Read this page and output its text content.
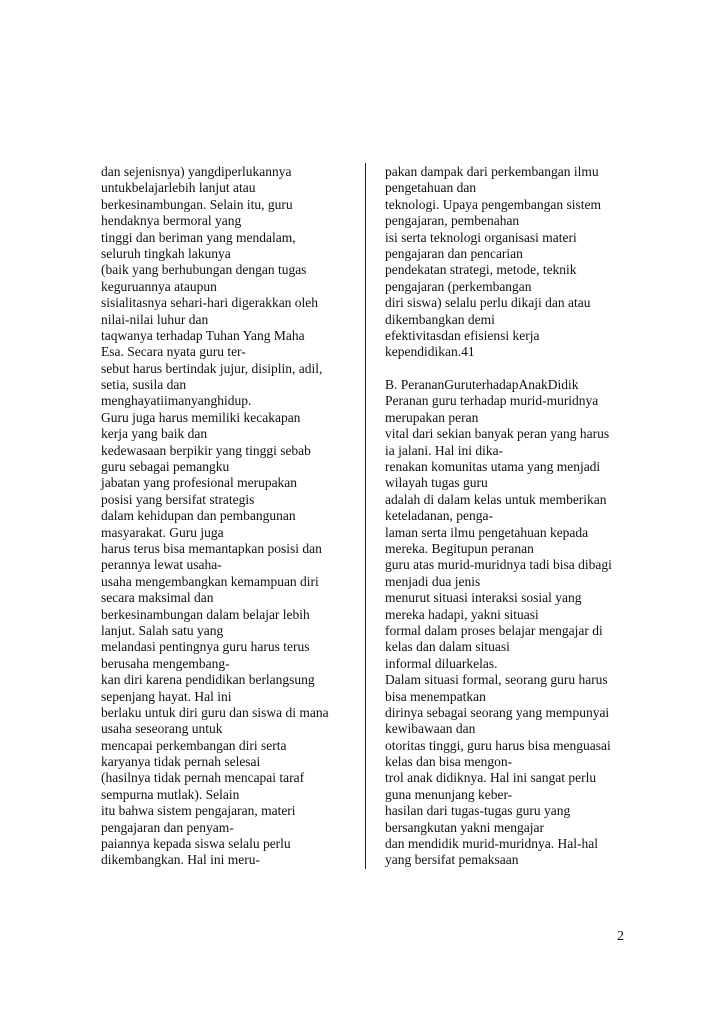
dan sejenisnya) yangdiperlukannya
untukbelajarlebih lanjut atau
berkesinambungan. Selain itu, guru
hendaknya bermoral yang
tinggi dan beriman yang mendalam,
seluruh tingkah lakunya
(baik yang berhubungan dengan tugas
keguruannya ataupun
sisialitasnya sehari-hari digerakkan oleh
nilai-nilai luhur dan
taqwanya terhadap Tuhan Yang Maha
Esa. Secara nyata guru ter-
sebut harus bertindak jujur, disiplin, adil,
setia, susila dan
menghayatiimanyanghidup.
Guru juga harus memiliki kecakapan
kerja yang baik dan
kedewasaan berpikir yang tinggi sebab
guru sebagai pemangku
jabatan yang profesional merupakan
posisi yang bersifat strategis
dalam kehidupan dan pembangunan
masyarakat. Guru juga
harus terus bisa memantapkan posisi dan
perannya lewat usaha-
usaha mengembangkan kemampuan diri
secara maksimal dan
berkesinambungan dalam belajar lebih
lanjut. Salah satu yang
melandasi pentingnya guru harus terus
berusaha mengembang-
kan diri karena pendidikan berlangsung
sepenjang hayat. Hal ini
berlaku untuk diri guru dan siswa di mana
usaha seseorang untuk
mencapai perkembangan diri serta
karyanya tidak pernah selesai
(hasilnya tidak pernah mencapai taraf
sempurna mutlak). Selain
itu bahwa sistem pengajaran, materi
pengajaran dan penyam-
paiannya kepada siswa selalu perlu
dikembangkan. Hal ini meru-
pakan dampak dari perkembangan ilmu
pengetahuan dan
teknologi. Upaya pengembangan sistem
pengajaran, pembenahan
isi serta teknologi organisasi materi
pengajaran dan pencarian
pendekatan strategi, metode, teknik
pengajaran (perkembangan
diri siswa) selalu perlu dikaji dan atau
dikembangkan demi
efektivitasdan efisiensi kerja
kependidikan.41
B. PerananGuruterhadapAnakDidik
Peranan guru terhadap murid-muridnya
merupakan peran
vital dari sekian banyak peran yang harus
ia jalani. Hal ini dika-
renakan komunitas utama yang menjadi
wilayah tugas guru
adalah di dalam kelas untuk memberikan
keteladanan, penga-
laman serta ilmu pengetahuan kepada
mereka. Begitupun peranan
guru atas murid-muridnya tadi bisa dibagi
menjadi dua jenis
menurut situasi interaksi sosial yang
mereka hadapi, yakni situasi
formal dalam proses belajar mengajar di
kelas dan dalam situasi
informal diluarkelas.
Dalam situasi formal, seorang guru harus
bisa menempatkan
dirinya sebagai seorang yang mempunyai
kewibawaan dan
otoritas tinggi, guru harus bisa menguasai
kelas dan bisa mengon-
trol anak didiknya. Hal ini sangat perlu
guna menunjang keber-
hasilan dari tugas-tugas guru yang
bersangkutan yakni mengajar
dan mendidik murid-muridnya. Hal-hal
yang bersifat pemaksaan
2
